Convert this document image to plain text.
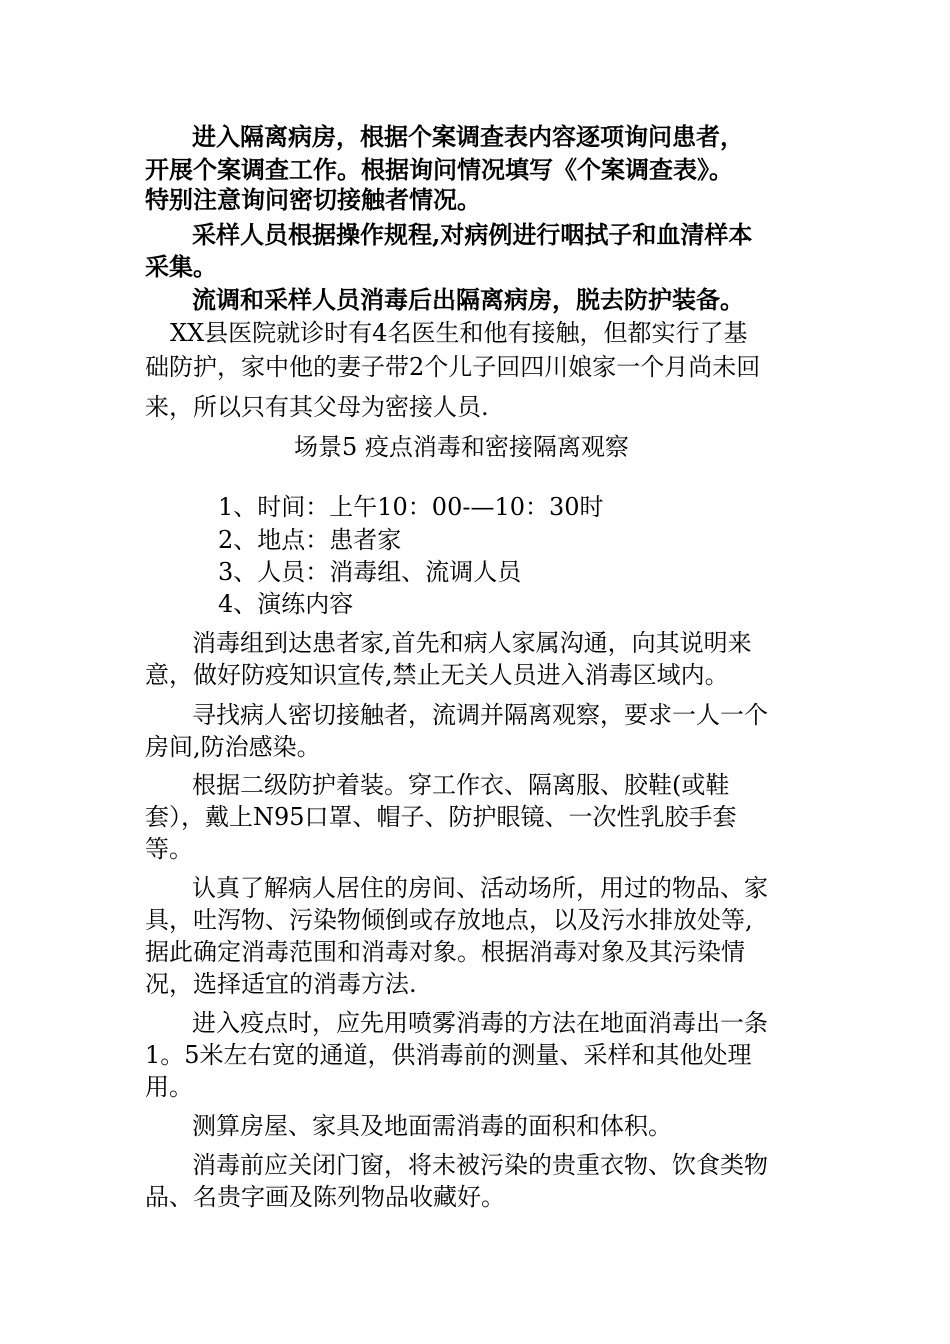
进入隔离病房，根据个案调查表内容逐项询问患者，
开展个案调查工作。根据询问情况填写《个案调查表》。
特别注意询问密切接触者情况。
采样人员根据操作规程,对病例进行咽拭子和血清样本
采集。
流调和采样人员消毒后出隔离病房，脱去防护装备。
XX县医院就诊时有4名医生和他有接触，但都实行了基
础防护，家中他的妻子带2个儿子回四川娘家一个月尚未回
来，所以只有其父母为密接人员.
场景5 疫点消毒和密接隔离观察
1、时间：上午10：00-—10：30时
2、地点：患者家
3、人员：消毒组、流调人员
4、演练内容
消毒组到达患者家,首先和病人家属沟通，向其说明来
意，做好防疫知识宣传,禁止无关人员进入消毒区域内。
寻找病人密切接触者，流调并隔离观察，要求一人一个
房间,防治感染。
根据二级防护着装。穿工作衣、隔离服、胶鞋(或鞋
套），戴上N95口罩、帽子、防护眼镜、一次性乳胶手套
等。
认真了解病人居住的房间、活动场所，用过的物品、家
具，吐泻物、污染物倾倒或存放地点，以及污水排放处等,
据此确定消毒范围和消毒对象。根据消毒对象及其污染情
况，选择适宜的消毒方法.
进入疫点时，应先用喷雾消毒的方法在地面消毒出一条
1。5米左右宽的通道，供消毒前的测量、采样和其他处理
用。
测算房屋、家具及地面需消毒的面积和体积。
消毒前应关闭门窗，将未被污染的贵重衣物、饮食类物
品、名贵字画及陈列物品收藏好。
